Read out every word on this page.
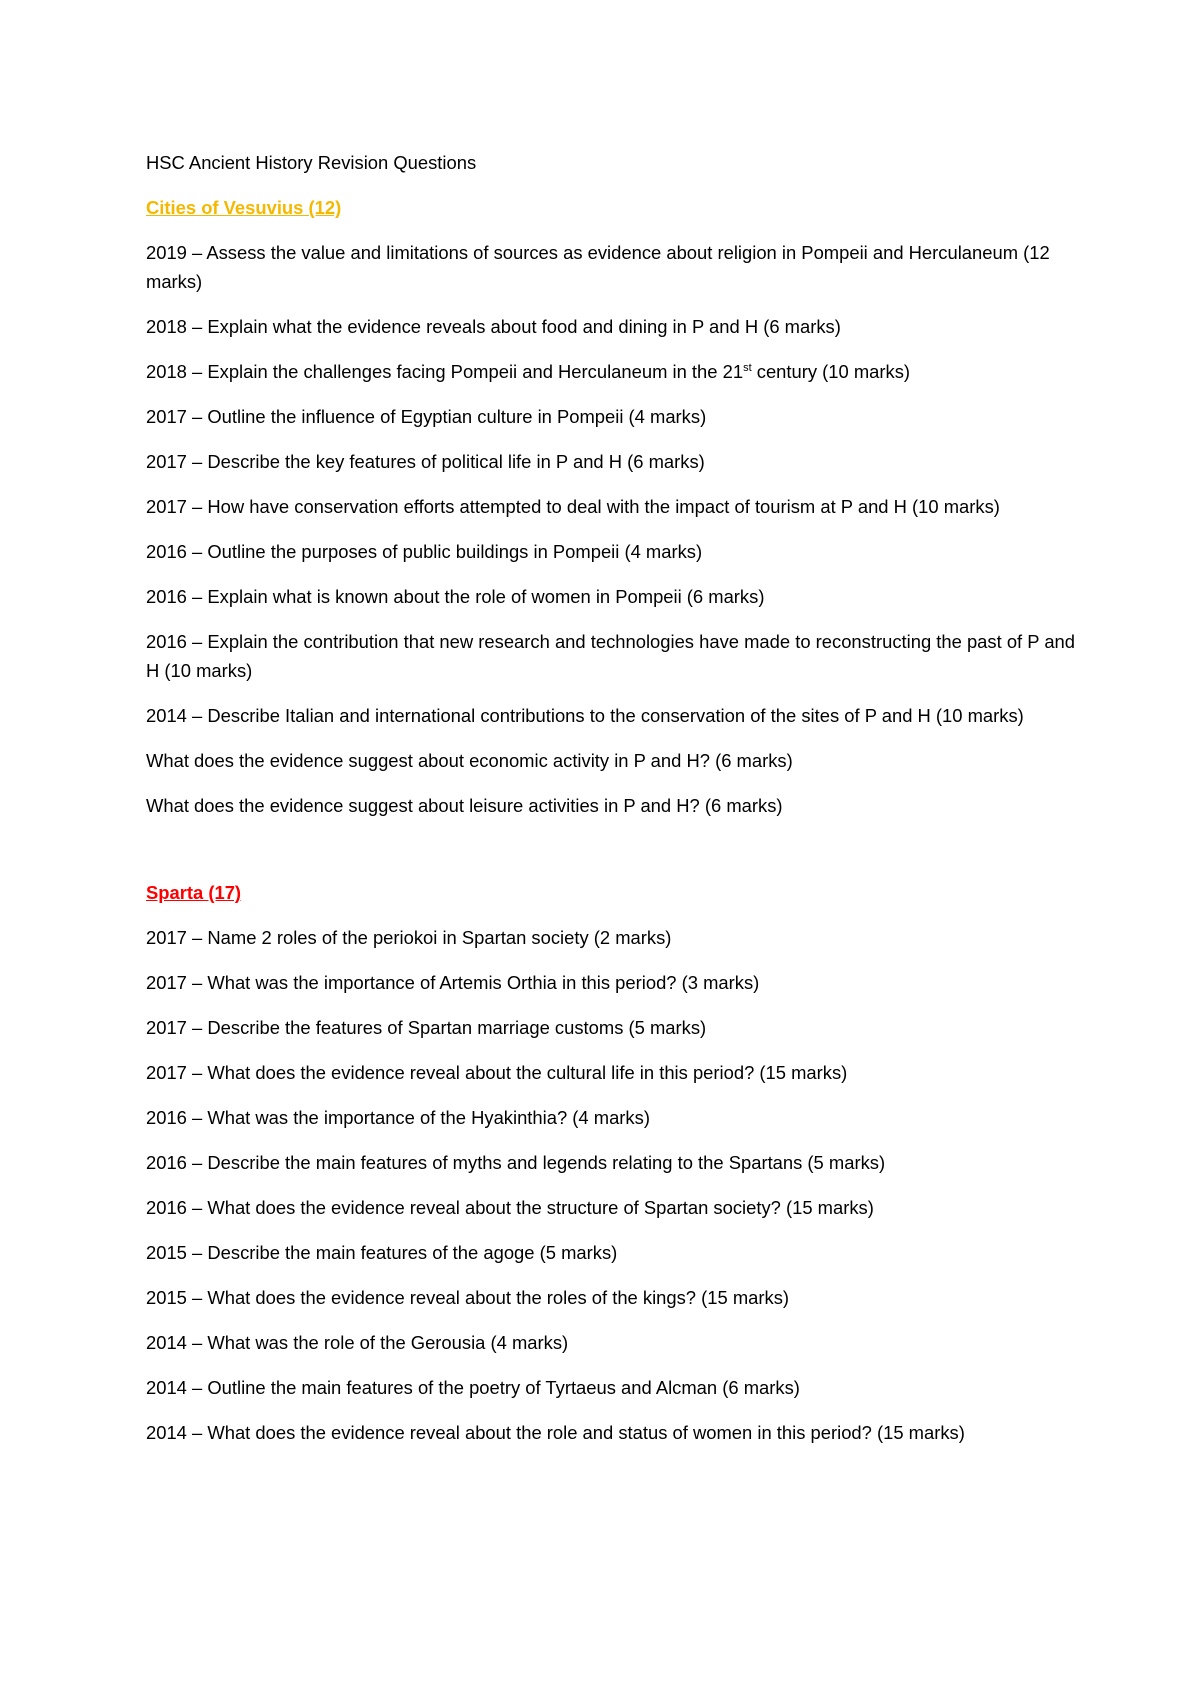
HSC Ancient History Revision Questions

Cities of Vesuvius (12)

2019 – Assess the value and limitations of sources as evidence about religion in Pompeii and Herculaneum (12 marks)

2018 – Explain what the evidence reveals about food and dining in P and H (6 marks)

2018 – Explain the challenges facing Pompeii and Herculaneum in the 21st century (10 marks)

2017 – Outline the influence of Egyptian culture in Pompeii (4 marks)

2017 – Describe the key features of political life in P and H (6 marks)

2017 – How have conservation efforts attempted to deal with the impact of tourism at P and H (10 marks)

2016 – Outline the purposes of public buildings in Pompeii (4 marks)

2016 – Explain what is known about the role of women in Pompeii (6 marks)

2016 – Explain the contribution that new research and technologies have made to reconstructing the past of P and H (10 marks)

2014 – Describe Italian and international contributions to the conservation of the sites of P and H (10 marks)

What does the evidence suggest about economic activity in P and H? (6 marks)

What does the evidence suggest about leisure activities in P and H? (6 marks)

Sparta (17)

2017 – Name 2 roles of the periokoi in Spartan society (2 marks)

2017 – What was the importance of Artemis Orthia in this period? (3 marks)

2017 – Describe the features of Spartan marriage customs (5 marks)

2017 – What does the evidence reveal about the cultural life in this period? (15 marks)

2016 – What was the importance of the Hyakinthia? (4 marks)

2016 – Describe the main features of myths and legends relating to the Spartans (5 marks)

2016 – What does the evidence reveal about the structure of Spartan society? (15 marks)

2015 – Describe the main features of the agoge (5 marks)

2015 – What does the evidence reveal about the roles of the kings? (15 marks)

2014 – What was the role of the Gerousia (4 marks)

2014 – Outline the main features of the poetry of Tyrtaeus and Alcman (6 marks)

2014 – What does the evidence reveal about the role and status of women in this period? (15 marks)
